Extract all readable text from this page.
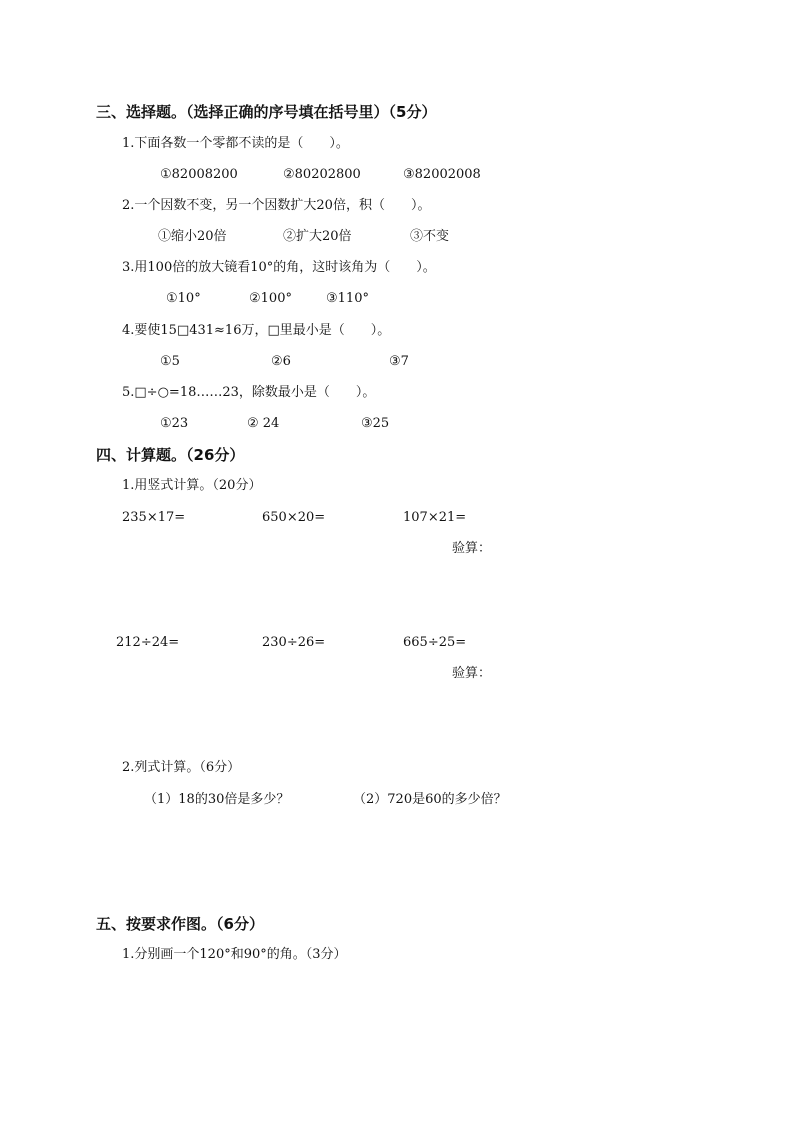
三、选择题。（选择正确的序号填在括号里）（5分）
1.下面各数一个零都不读的是（　　）。
①82008200	②80202800	③82002008
2.一个因数不变，另一个因数扩大20倍，积（　　）。
①缩小20倍	②扩大20倍	③不变
3.用100倍的放大镜看10°的角，这时该角为（　　）。
①10°	②100°	③110°
4.要使15□431≈16万，□里最小是（　　）。
①5	②6	③7
5.□÷○=18……23，除数最小是（　　）。
①23	② 24	③25
四、计算题。（26分）
1.用竖式计算。（20分）
235×17=	650×20=	107×21=
验算：
212÷24=	230÷26=	665÷25=
验算：
2.列式计算。（6分）
（1）18的30倍是多少？	（2）720是60的多少倍？
五、按要求作图。（6分）
1.分别画一个120°和90°的角。（3分）
